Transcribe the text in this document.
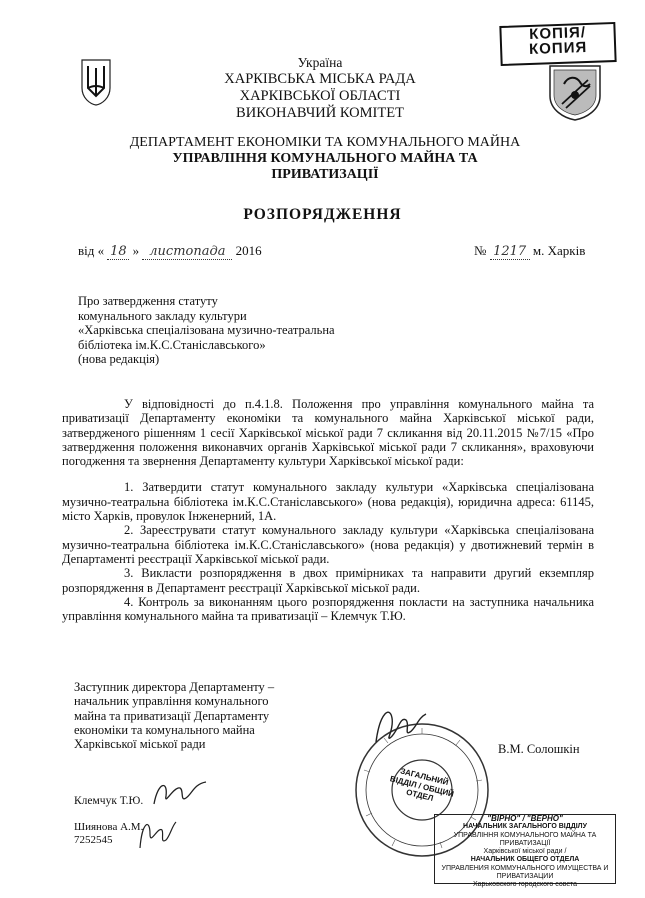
КОПІЯ/
КОПИЯ
Україна
ХАРКІВСЬКА МІСЬКА РАДА
ХАРКІВСЬКОЇ ОБЛАСТІ
ВИКОНАВЧИЙ КОМІТЕТ
ДЕПАРТАМЕНТ ЕКОНОМІКИ ТА КОМУНАЛЬНОГО МАЙНА
УПРАВЛІННЯ КОМУНАЛЬНОГО МАЙНА ТА
ПРИВАТИЗАЦІЇ
РОЗПОРЯДЖЕННЯ
від « 18 » листопада 2016	№ 1217 м. Харків
Про затвердження статуту
комунального закладу культури
«Харківська спеціалізована музично-театральна
бібліотека ім.К.С.Станіславського»
(нова редакція)

У відповідності до п.4.1.8. Положення про управління комунального майна та приватизації Департаменту економіки та комунального майна Харківської міської ради, затвердженого рішенням 1 сесії Харківської міської ради 7 скликання від 20.11.2015 №7/15 «Про затвердження положення виконавчих органів Харківської міської ради 7 скликання», враховуючи погодження та звернення Департаменту культури Харківської міської ради:

1. Затвердити статут комунального закладу культури «Харківська спеціалізована музично-театральна бібліотека ім.К.С.Станіславського» (нова редакція), юридична адреса: 61145, місто Харків, провулок Інженерний, 1А.

2. Зареєструвати статут комунального закладу культури «Харківська спеціалізована музично-театральна бібліотека ім.К.С.Станіславського» (нова редакція) у двотижневий термін в Департаменті реєстрації Харківської міської ради.

3. Викласти розпорядження в двох примірниках та направити другий екземпляр розпорядження в Департамент реєстрації Харківської міської ради.

4. Контроль за виконанням цього розпорядження покласти на заступника начальника управління комунального майна та приватизації – Клемчук Т.Ю.

Заступник директора Департаменту –
начальник управління комунального
майна та приватизації Департаменту
економіки та комунального майна
Харківської міської ради	В.М. Солошкін
ЗАГАЛЬНИЙ ВІДДІЛ / ОБЩИЙ ОТДЕЛ
Клемчук Т.Ю.
Шиянова А.М.
7252545
"ВІРНО" / "ВЕРНО"
НАЧАЛЬНИК ЗАГАЛЬНОГО ВІДДІЛУ
УПРАВЛІННЯ КОМУНАЛЬНОГО МАЙНА ТА ПРИВАТИЗАЦІЇ
Харківської міської ради /
НАЧАЛЬНИК ОБЩЕГО ОТДЕЛА
УПРАВЛЕНИЯ КОММУНАЛЬНОГО ИМУЩЕСТВА И ПРИВАТИЗАЦИИ
Харьковского городского совета
